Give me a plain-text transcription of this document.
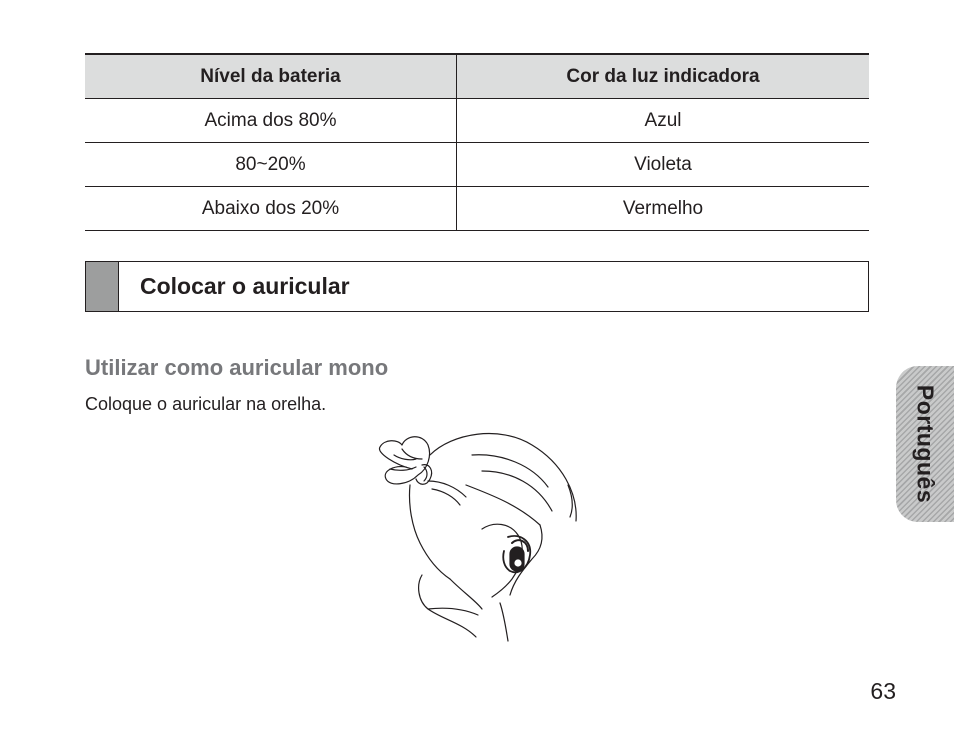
Nível da bateria	Cor da luz indicadora
Acima dos 80%	Azul
80~20%	Violeta
Abaixo dos 20%	Vermelho
Colocar o auricular
Utilizar como auricular mono
Coloque o auricular na orelha.	Português
63
